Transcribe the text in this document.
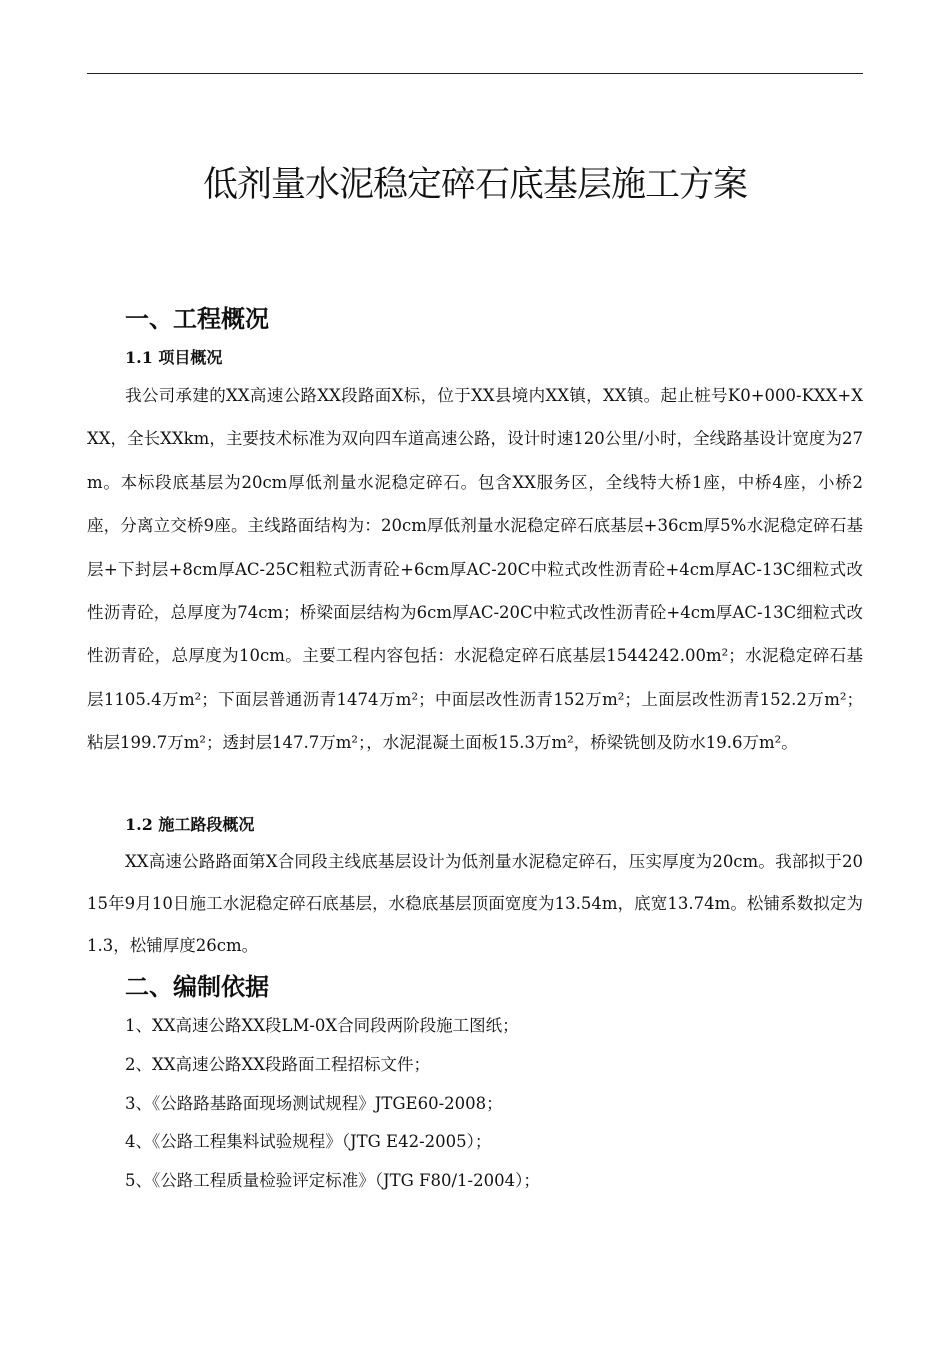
低剂量水泥稳定碎石底基层施工方案
一、工程概况
1.1 项目概况

我公司承建的XX高速公路XX段路面X标，位于XX县境内XX镇，XX镇。起止桩号K0+000-KXX+XXX，全长XXkm，主要技术标准为双向四车道高速公路，设计时速120公里/小时，全线路基设计宽度为27m。本标段底基层为20cm厚低剂量水泥稳定碎石。包含XX服务区，全线特大桥1座，中桥4座，小桥2座，分离立交桥9座。主线路面结构为：20cm厚低剂量水泥稳定碎石底基层+36cm厚5%水泥稳定碎石基层+下封层+8cm厚AC-25C粗粒式沥青砼+6cm厚AC-20C中粒式改性沥青砼+4cm厚AC-13C细粒式改性沥青砼，总厚度为74cm；桥梁面层结构为6cm厚AC-20C中粒式改性沥青砼+4cm厚AC-13C细粒式改性沥青砼，总厚度为10cm。主要工程内容包括：水泥稳定碎石底基层1544242.00m²；水泥稳定碎石基层1105.4万m²；下面层普通沥青1474万m²；中面层改性沥青152万m²；上面层改性沥青152.2万m²；粘层199.7万m²；透封层147.7万m²；，水泥混凝土面板15.3万m²，桥梁铣刨及防水19.6万m²。

1.2 施工路段概况

XX高速公路路面第X合同段主线底基层设计为低剂量水泥稳定碎石，压实厚度为20cm。我部拟于2015年9月10日施工水泥稳定碎石底基层，水稳底基层顶面宽度为13.54m，底宽13.74m。松铺系数拟定为1.3，松铺厚度26cm。

二、编制依据

1、XX高速公路XX段LM-0X合同段两阶段施工图纸；

2、XX高速公路XX段路面工程招标文件；

3、《公路路基路面现场测试规程》JTGE60-2008；

4、《公路工程集料试验规程》（JTG E42-2005）；

5、《公路工程质量检验评定标准》（JTG F80/1-2004）；
